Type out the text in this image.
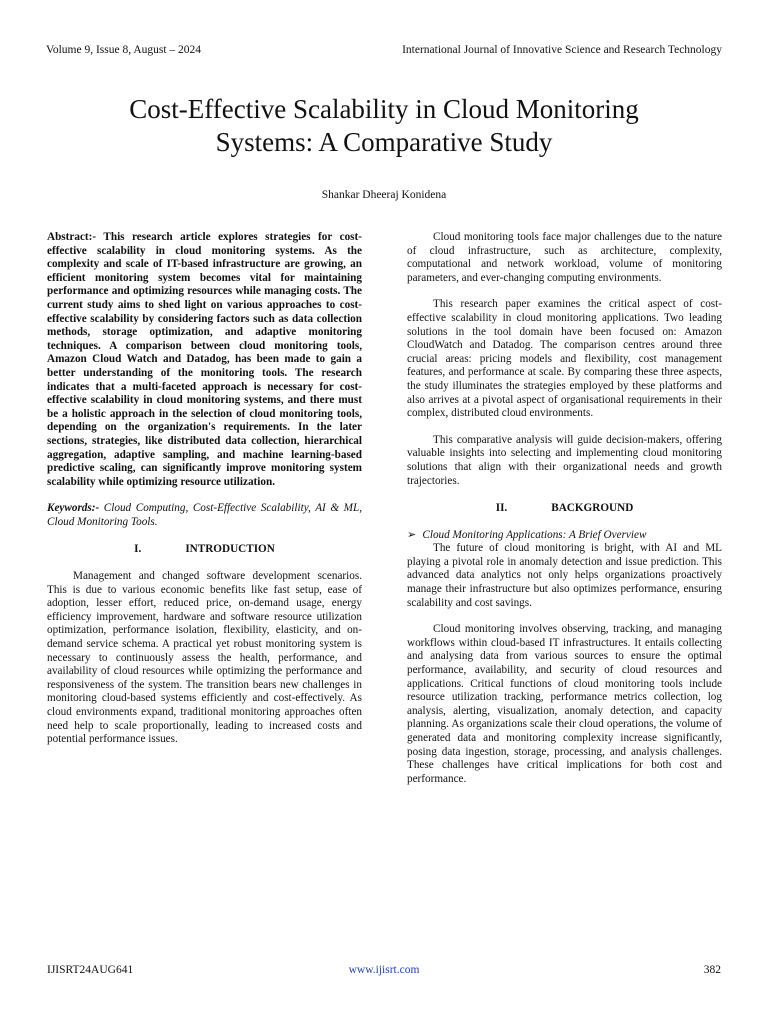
Volume 9, Issue 8, August – 2024	International Journal of Innovative Science and Research Technology
Cost-Effective Scalability in Cloud Monitoring
Systems: A Comparative Study
Shankar Dheeraj Konidena

Abstract:- This research article explores strategies for cost-effective scalability in cloud monitoring systems. As the complexity and scale of IT-based infrastructure are growing, an efficient monitoring system becomes vital for maintaining performance and optimizing resources while managing costs. The current study aims to shed light on various approaches to cost-effective scalability by considering factors such as data collection methods, storage optimization, and adaptive monitoring techniques. A comparison between cloud monitoring tools, Amazon Cloud Watch and Datadog, has been made to gain a better understanding of the monitoring tools. The research indicates that a multi-faceted approach is necessary for cost-effective scalability in cloud monitoring systems, and there must be a holistic approach in the selection of cloud monitoring tools, depending on the organization's requirements. In the later sections, strategies, like distributed data collection, hierarchical aggregation, adaptive sampling, and machine learning-based predictive scaling, can significantly improve monitoring system scalability while optimizing resource utilization.

Keywords:- Cloud Computing, Cost-Effective Scalability, AI & ML, Cloud Monitoring Tools.

I.	INTRODUCTION

Management and changed software development scenarios. This is due to various economic benefits like fast setup, ease of adoption, lesser effort, reduced price, on-demand usage, energy efficiency improvement, hardware and software resource utilization optimization, performance isolation, flexibility, elasticity, and on-demand service schema. A practical yet robust monitoring system is necessary to continuously assess the health, performance, and availability of cloud resources while optimizing the performance and responsiveness of the system. The transition bears new challenges in monitoring cloud-based systems efficiently and cost-effectively. As cloud environments expand, traditional monitoring approaches often need help to scale proportionally, leading to increased costs and potential performance issues.

Cloud monitoring tools face major challenges due to the nature of cloud infrastructure, such as architecture, complexity, computational and network workload, volume of monitoring parameters, and ever-changing computing environments.

This research paper examines the critical aspect of cost-effective scalability in cloud monitoring applications. Two leading solutions in the tool domain have been focused on: Amazon CloudWatch and Datadog. The comparison centres around three crucial areas: pricing models and flexibility, cost management features, and performance at scale. By comparing these three aspects, the study illuminates the strategies employed by these platforms and also arrives at a pivotal aspect of organisational requirements in their complex, distributed cloud environments.

This comparative analysis will guide decision-makers, offering valuable insights into selecting and implementing cloud monitoring solutions that align with their organizational needs and growth trajectories.

II.	BACKGROUND

➢ Cloud Monitoring Applications: A Brief Overview

The future of cloud monitoring is bright, with AI and ML playing a pivotal role in anomaly detection and issue prediction. This advanced data analytics not only helps organizations proactively manage their infrastructure but also optimizes performance, ensuring scalability and cost savings.

Cloud monitoring involves observing, tracking, and managing workflows within cloud-based IT infrastructures. It entails collecting and analysing data from various sources to ensure the optimal performance, availability, and security of cloud resources and applications. Critical functions of cloud monitoring tools include resource utilization tracking, performance metrics collection, log analysis, alerting, visualization, anomaly detection, and capacity planning. As organizations scale their cloud operations, the volume of generated data and monitoring complexity increase significantly, posing data ingestion, storage, processing, and analysis challenges. These challenges have critical implications for both cost and performance.

IJISRT24AUG641	www.ijisrt.com	382
